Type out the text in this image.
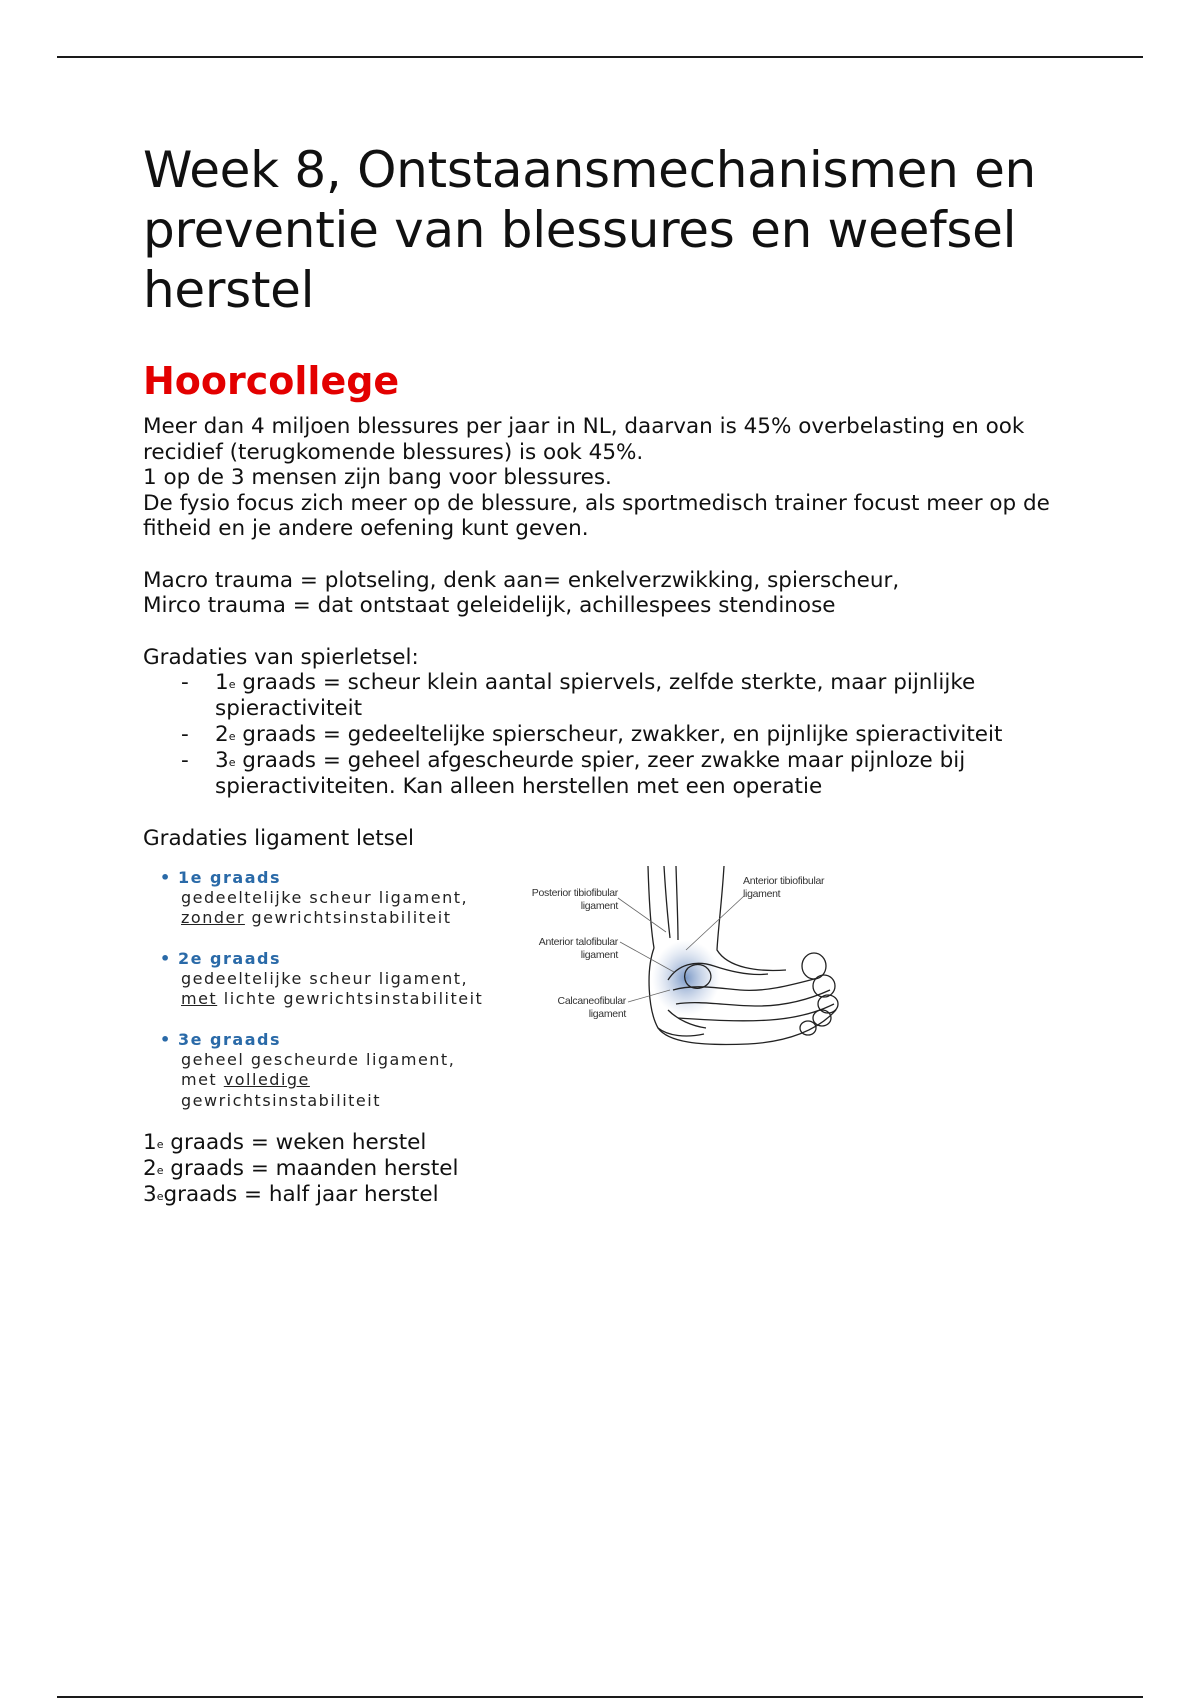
Week 8, Ontstaansmechanismen en preventie van blessures en weefsel herstel
Hoorcollege

Meer dan 4 miljoen blessures per jaar in NL, daarvan is 45% overbelasting en ook recidief (terugkomende blessures) is ook 45%.

1 op de 3 mensen zijn bang voor blessures.

De fysio focus zich meer op de blessure, als sportmedisch trainer focust meer op de fitheid en je andere oefening kunt geven.

Macro trauma = plotseling, denk aan= enkelverzwikking, spierscheur,

Mirco trauma = dat ontstaat geleidelijk, achillespees stendinose

Gradaties van spierletsel:

- 1e graads = scheur klein aantal spiervels, zelfde sterkte, maar pijnlijke spieractiviteit
- 2e graads = gedeeltelijke spierscheur, zwakker, en pijnlijke spieractiviteit
- 3e graads = geheel afgescheurde spier, zeer zwakke maar pijnloze bij spieractiviteiten. Kan alleen herstellen met een operatie

Gradaties ligament letsel

• 1e graads
gedeeltelijke scheur ligament,
zonder gewrichtsinstabiliteit
• 2e graads
gedeeltelijke scheur ligament,
met lichte gewrichtsinstabiliteit
• 3e graads
geheel gescheurde ligament,
met volledige
gewrichtsinstabiliteit
Posterior tibiofibular
ligament
Anterior tibiofibular
ligament
Anterior talofibular
ligament
Calcaneofibular
ligament

1e graads = weken herstel

2e graads = maanden herstel

$3^egraads$ = half jaar herstel
